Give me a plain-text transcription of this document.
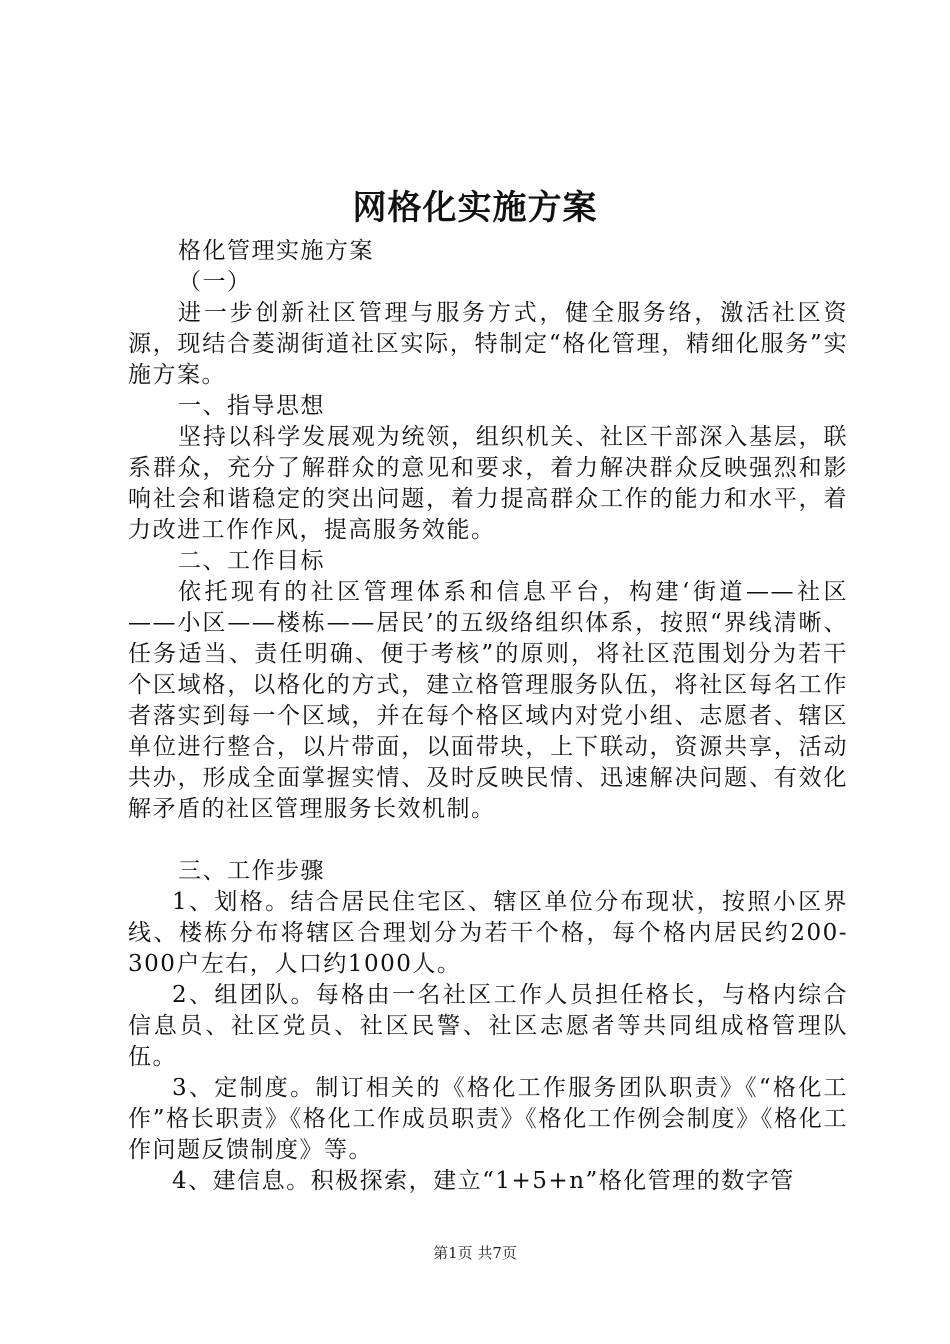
网格化实施方案

格化管理实施方案

（一）

进一步创新社区管理与服务方式，健全服务络，激活社区资源，现结合菱湖街道社区实际，特制定“格化管理，精细化服务”实施方案。

一、指导思想

坚持以科学发展观为统领，组织机关、社区干部深入基层，联系群众，充分了解群众的意见和要求，着力解决群众反映强烈和影响社会和谐稳定的突出问题，着力提高群众工作的能力和水平，着力改进工作作风，提高服务效能。

二、工作目标

依托现有的社区管理体系和信息平台，构建‘街道——社区——小区——楼栋——居民’的五级络组织体系，按照“界线清晰、任务适当、责任明确、便于考核”的原则，将社区范围划分为若干个区域格，以格化的方式，建立格管理服务队伍，将社区每名工作者落实到每一个区域，并在每个格区域内对党小组、志愿者、辖区单位进行整合，以片带面，以面带块，上下联动，资源共享，活动共办，形成全面掌握实情、及时反映民情、迅速解决问题、有效化解矛盾的社区管理服务长效机制。

三、工作步骤

1、划格。结合居民住宅区、辖区单位分布现状，按照小区界线、楼栋分布将辖区合理划分为若干个格，每个格内居民约200-300户左右，人口约1000人。

2、组团队。每格由一名社区工作人员担任格长，与格内综合信息员、社区党员、社区民警、社区志愿者等共同组成格管理队伍。

3、定制度。制订相关的《格化工作服务团队职责》《“格化工作”格长职责》《格化工作成员职责》《格化工作例会制度》《格化工作问题反馈制度》等。

4、建信息。积极探索，建立“1+5+n”格化管理的数字管

第1页 共7页
